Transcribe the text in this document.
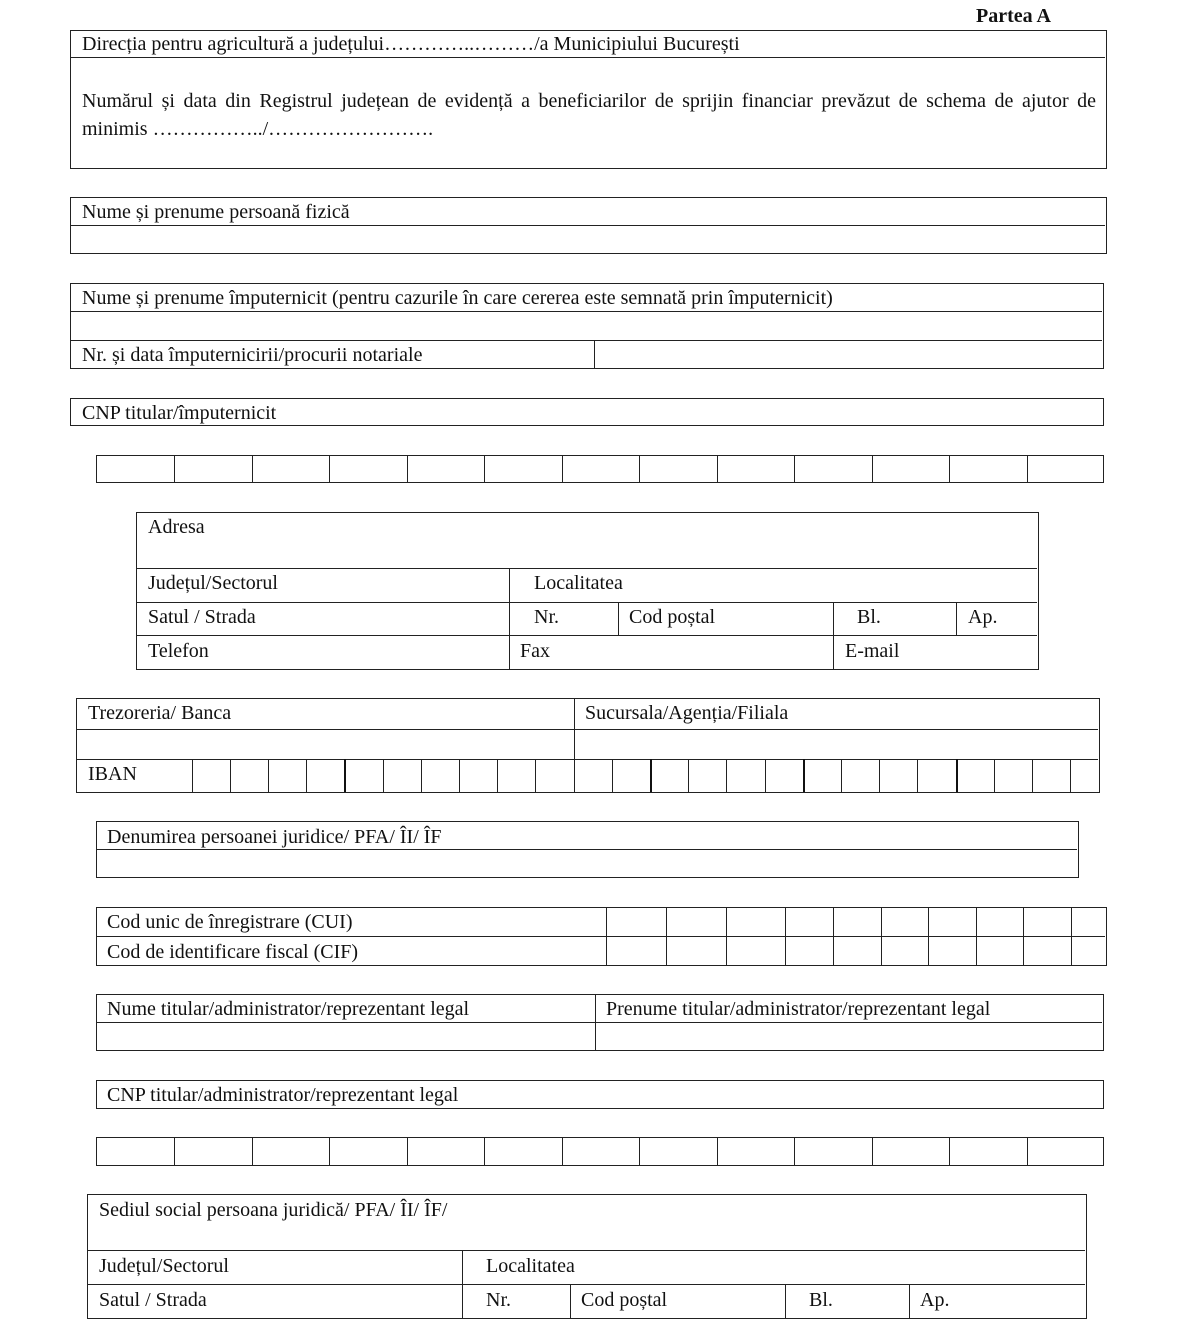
Partea A
Direcția pentru agricultură a județului…………..………/a Municipiului București
Numărul și data din Registrul județean de evidență a beneficiarilor de sprijin financiar prevăzut de schema de ajutor de minimis ……………../…………………….
Nume și prenume persoană fizică
Nume și prenume împuternicit (pentru cazurile în care cererea este semnată prin împuternicit)
Nr. și data împuternicirii/procurii notariale
CNP titular/împuternicit
Adresa
Județul/Sectorul	Localitatea
Satul / Strada	Nr.	Cod poștal	Bl.	Ap.
Telefon	Fax	E-mail
Trezoreria/ Banca	Sucursala/Agenția/Filiala
IBAN
Denumirea persoanei juridice/ PFA/ ÎI/ ÎF
Cod unic de înregistrare (CUI)
Cod de identificare fiscal (CIF)
Nume titular/administrator/reprezentant legal	Prenume titular/administrator/reprezentant legal
CNP titular/administrator/reprezentant legal
Sediul social persoana juridică/ PFA/ ÎI/ ÎF/
Județul/Sectorul	Localitatea
Satul / Strada	Nr.	Cod poștal	Bl.	Ap.
